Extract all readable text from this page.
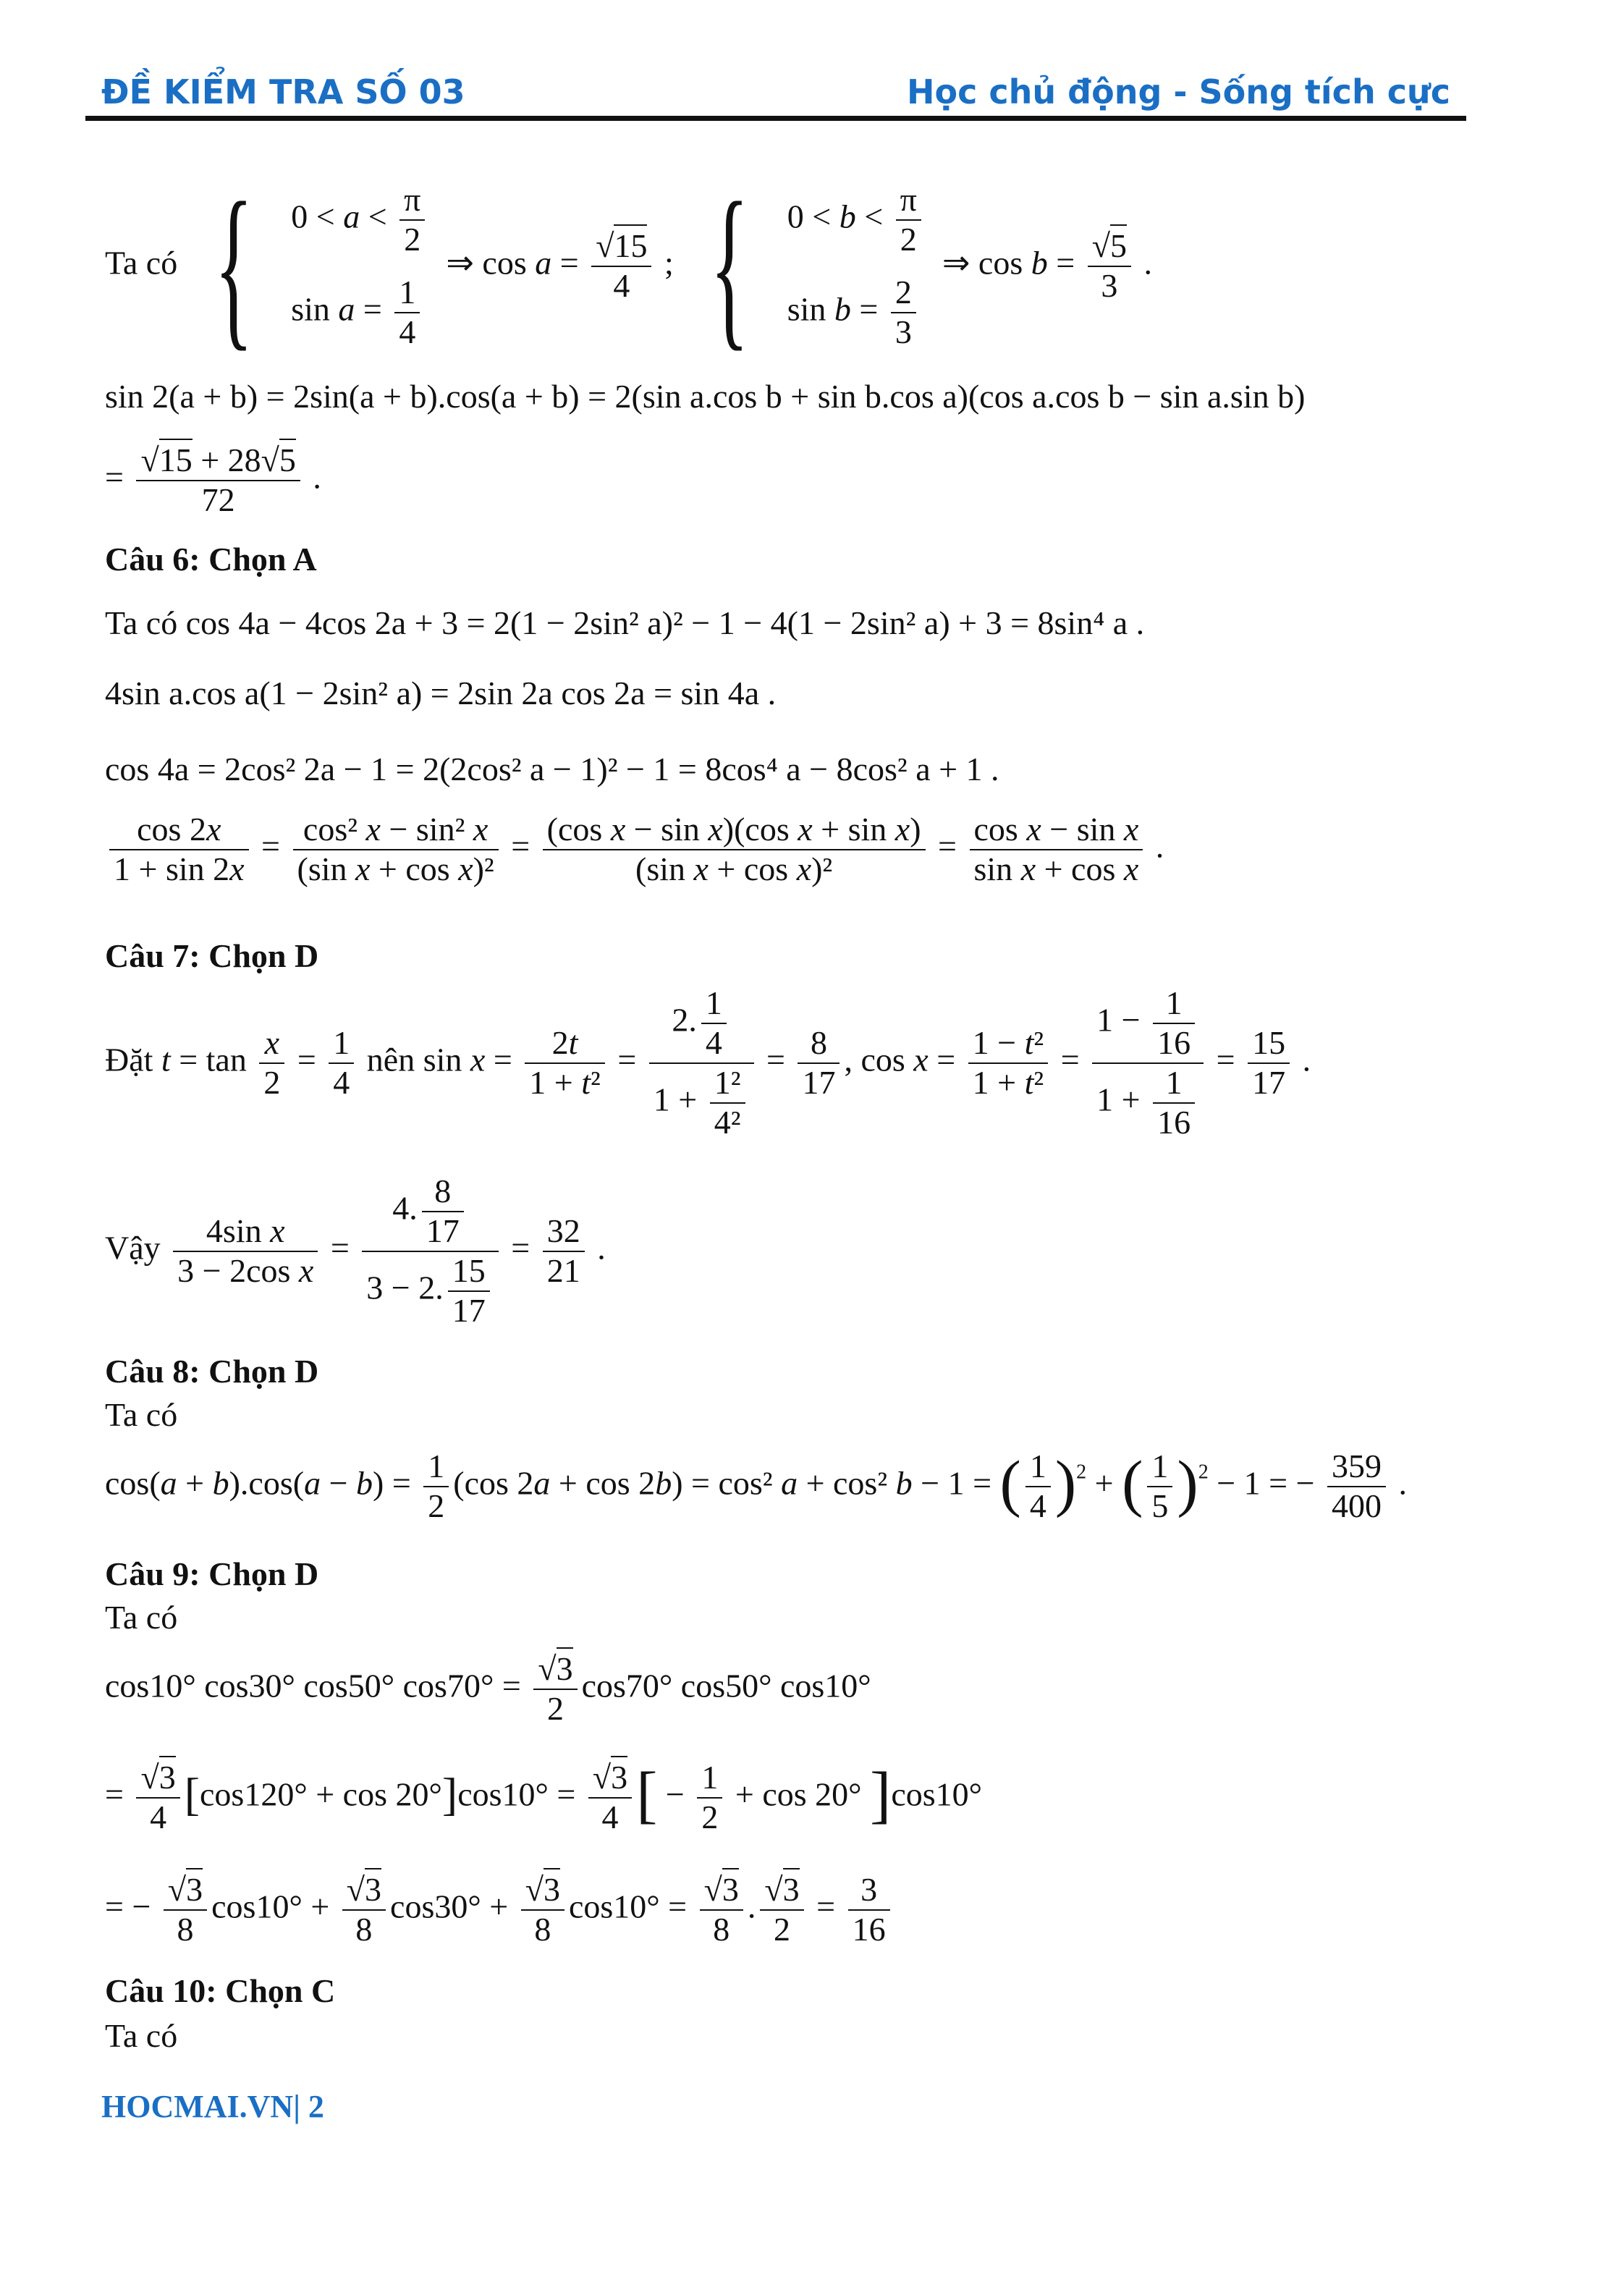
ĐỀ KIỂM TRA SỐ 03	Học chủ động - Sống tích cực
Ta có { $0 < a < \frac{\pi}{2}$
$\sin a = \frac{1}{4}$
⇒ $\cos a = \frac{√15}{4}$ ; { $0 < b < \frac{\pi}{2}$
$\sin b = \frac{2}{3}$
⇒ $\cos b = \frac{√5}{3}$ .
sin 2(a + b) = 2sin(a + b).cos(a + b) = 2(sin a.cos b + sin b.cos a)(cos a.cos b − sin a.sin b)
= $\frac{√15 + 28√5}{72}$ .
Câu 6: Chọn A
Ta có cos 4a − 4cos 2a + 3 = 2(1 − 2sin² a)² − 1 − 4(1 − 2sin² a) + 3 = 8sin⁴ a .
4sin a.cos a(1 − 2sin² a) = 2sin 2a cos 2a = sin 4a .
cos 4a = 2cos² 2a − 1 = 2(2cos² a − 1)² − 1 = 8cos⁴ a − 8cos² a + 1 .
$\frac{\cos 2x}{1 + \sin 2x} = \frac{\text{cos² x − sin² x}}{\text{(sin x + cos x)²}} = \frac{\text{(cos x − sin x)(cos x + sin x)}}{\text{(sin x + cos x)²}} = \frac{\text{cos x − sin x}}{\text{sin x + cos x}}$ .
Câu 7: Chọn D
Đặt $t = \tan \frac{x}{2} = \frac{1}{4}$ nên $\sin x = \frac{2t}{\text{1 + t²}} = \frac{2. \frac{1}{4}}{1 + \frac{\text{1²}}{\text{4²}}} = \frac{8}{17}$ , $\cos x = \frac{\text{1 − t²}}{\text{1 + t²}} = \frac{1 - \frac{1}{16}}{1 + \frac{1}{16}} = \frac{15}{17}$ .
Vậy $\frac{\text{4sin x}}{\text{3 − 2cos x}} = \frac{4. \frac{8}{17}}{3 - 2. \frac{15}{17}} = \frac{32}{21}$ .
Câu 8: Chọn D
Ta có
$\cos(a + b).\cos(a - b) = \frac{1}{2} (\cos$ 2a + cos 2b) = cos² a + cos² b − 1 = ( $\frac{1}{4} )^2$ + ( $\frac{1}{5} )^2 - 1$ = − $\frac{359}{400}$ .
Câu 9: Chọn D
Ta có
cos10° cos30° cos50° $\cos 70^\circ = \frac{√3}{2} \cos 70^\circ$ cos50° cos10°
= $\frac{√3}{4} [\cos 120^\circ + \cos 20^\circ]\cos 10^\circ = \frac{√3}{4}$ [ − $\frac{1}{2} + \cos 20^\circ$ ]cos10°
= − $\frac{√3}{8} \cos 10^\circ + \frac{√3}{8} \cos 30^\circ + \frac{√3}{8} \cos 10^\circ = \frac{√3}{8}$ . $\frac{√3}{2} = \frac{3}{16}$
Câu 10: Chọn C
Ta có
HOCMAI.VN| 2
